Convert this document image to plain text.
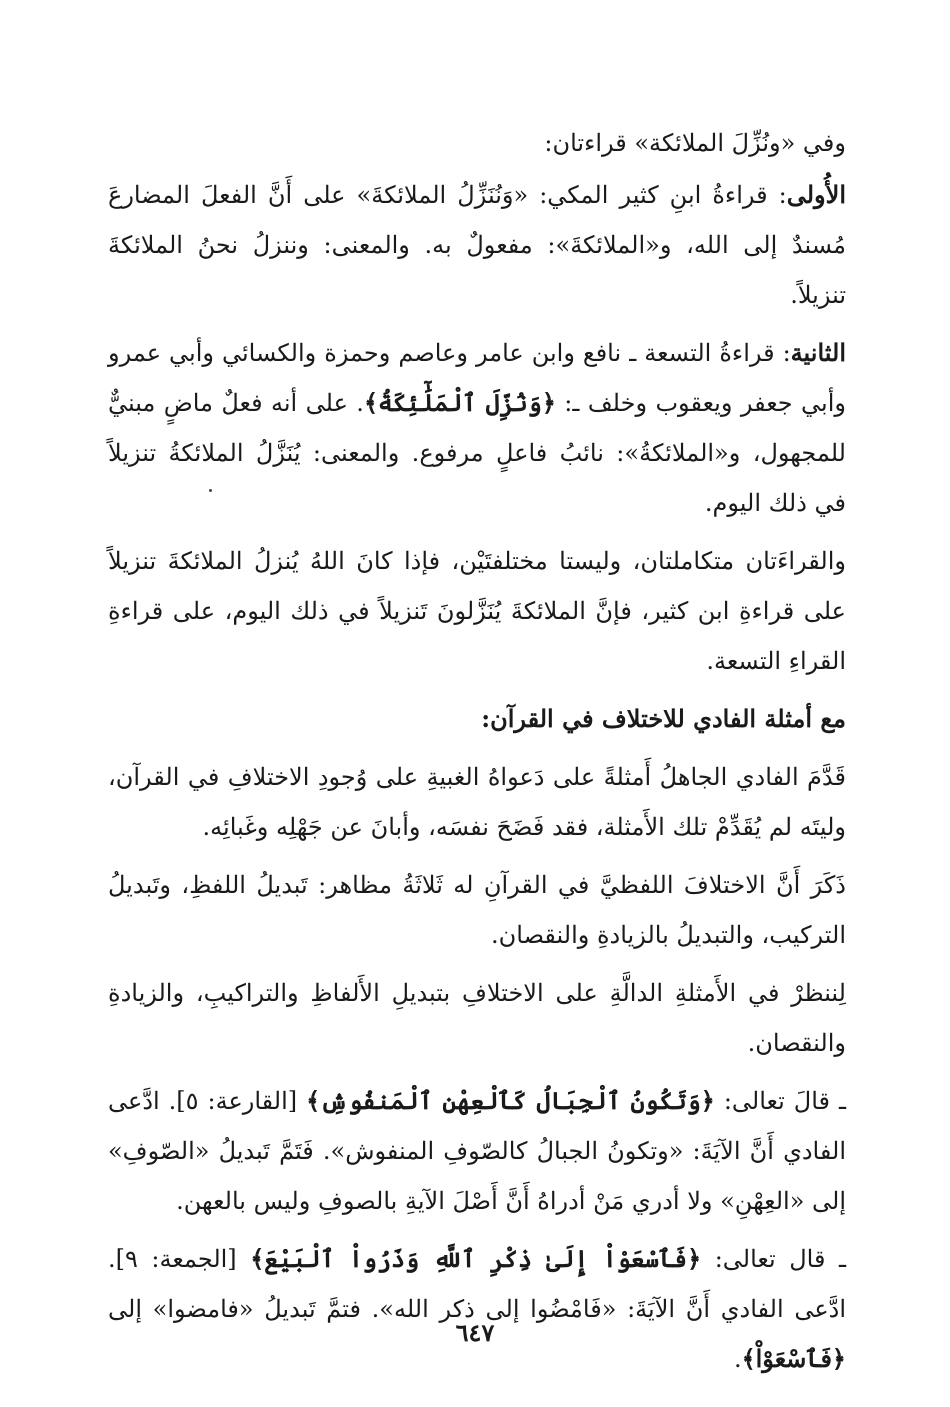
وفي «ونُزِّلَ الملائكة» قراءتان:

الأُولى: قراءةُ ابنِ كثير المكي: «وَنُنَزِّلُ الملائكةَ» على أَنَّ الفعلَ المضارعَ مُسندٌ إلى الله، و«الملائكةَ»: مفعولٌ به. والمعنى: وننزلُ نحنُ الملائكةَ تنزيلاً.

الثانية: قراءةُ التسعة ـ نافع وابن عامر وعاصم وحمزة والكسائي وأبي عمرو وأبي جعفر ويعقوب وخلف ـ: ﴿وَنُزِّلَ ٱلْمَلَٰٓئِكَةُ﴾. على أنه فعلٌ ماضٍ مبنيٌّ للمجهول، و«الملائكةُ»: نائبُ فاعلٍ مرفوع. والمعنى: يُنَزَّلُ الملائكةُ تنزيلاً في ذلك اليوم.

والقراءَتان متكاملتان، وليستا مختلفتَيْن، فإذا كانَ اللهُ يُنزلُ الملائكةَ تنزيلاً على قراءةِ ابن كثير، فإنَّ الملائكةَ يُنَزَّلونَ تَنزيلاً في ذلك اليوم، على قراءةِ القراءِ التسعة.

مع أمثلة الفادي للاختلاف في القرآن:

قَدَّمَ الفادي الجاهلُ أَمثلةً على دَعواهُ الغبيةِ على وُجودِ الاختلافِ في القرآن، وليتَه لم يُقَدِّمْ تلك الأَمثلة، فقد فَضَحَ نفسَه، وأبانَ عن جَهْلِه وغَبائِه.

ذَكَرَ أَنَّ الاختلافَ اللفظيَّ في القرآنِ له ثَلاثَةُ مظاهر: تَبديلُ اللفظِ، وتَبديلُ التركيب، والتبديلُ بالزيادةِ والنقصان.

لِننظرْ في الأَمثلةِ الدالَّةِ على الاختلافِ بتبديلِ الأَلفاظِ والتراكيبِ، والزيادةِ والنقصان.

ـ قالَ تعالى: ﴿وَتَكُونُ ٱلْجِبَالُ كَٱلْعِهْنِ ٱلْمَنفُوشِ﴾ [القارعة: ٥]. ادَّعى الفادي أَنَّ الآيَةَ: «وتكونُ الجبالُ كالصّوفِ المنفوش». فَتَمَّ تَبديلُ «الصّوفِ» إلى «العِهْنِ» ولا أدري مَنْ أدراهُ أَنَّ أَصْلَ الآيةِ بالصوفِ وليس بالعهن.

ـ قال تعالى: ﴿فَٱسْعَوْاْ إِلَىٰ ذِكْرِ ٱللَّهِ وَذَرُواْ ٱلْبَيْعَ﴾ [الجمعة: ٩]. ادَّعى الفادي أَنَّ الآيَةَ: «فَامْضُوا إلى ذكر الله». فتمَّ تَبديلُ «فامضوا» إلى ﴿فَٱسْعَوْاْ﴾.

٦٤٧
